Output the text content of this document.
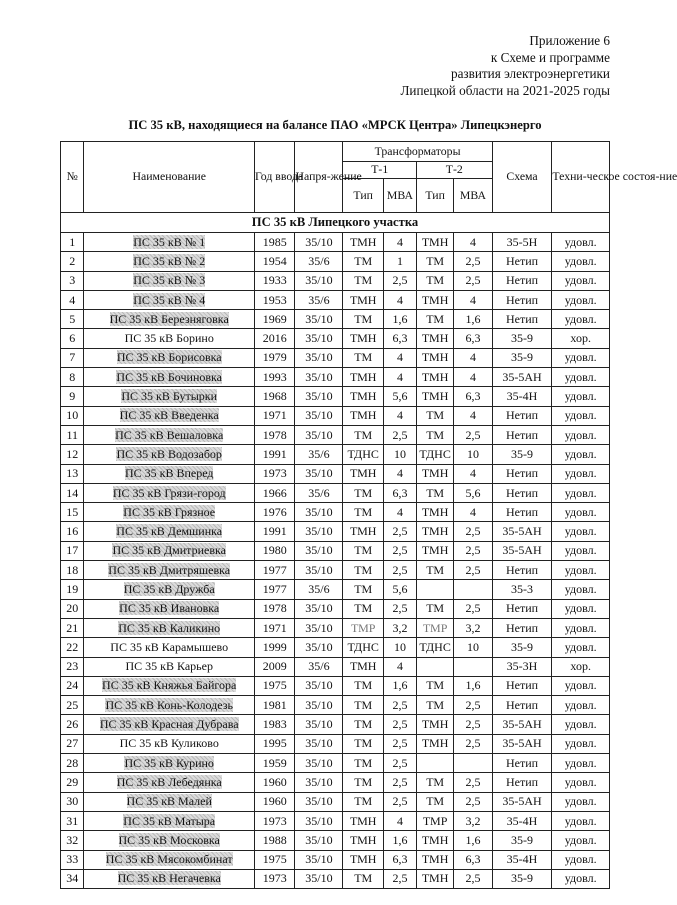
Приложение 6
к Схеме и программе
развития электроэнергетики
Липецкой области на 2021-2025 годы
ПС 35 кВ, находящиеся на балансе ПАО «МРСК Центра» Липецкэнерго
№	Наименование	Год ввода	Напря-жение	Трансформаторы				Схема	Техни-ческое состоя-ние
				Т-1		Т-2			
				Тип	МВА	Тип	МВА		
ПС 35 кВ Липецкого участка									
1	ПС 35 кВ № 1	1985	35/10	ТМН	4	ТМН	4	35-5Н	удовл.
2	ПС 35 кВ № 2	1954	35/6	ТМ	1	ТМ	2,5	Нетип	удовл.
3	ПС 35 кВ № 3	1933	35/10	ТМ	2,5	ТМ	2,5	Нетип	удовл.
4	ПС 35 кВ № 4	1953	35/6	ТМН	4	ТМН	4	Нетип	удовл.
5	ПС 35 кВ Березняговка	1969	35/10	ТМ	1,6	ТМ	1,6	Нетип	удовл.
6	ПС 35 кВ Борино	2016	35/10	ТМН	6,3	ТМН	6,3	35-9	хор.
7	ПС 35 кВ Борисовка	1979	35/10	ТМ	4	ТМН	4	35-9	удовл.
8	ПС 35 кВ Бочиновка	1993	35/10	ТМН	4	ТМН	4	35-5АН	удовл.
9	ПС 35 кВ Бутырки	1968	35/10	ТМН	5,6	ТМН	6,3	35-4Н	удовл.
10	ПС 35 кВ Введенка	1971	35/10	ТМН	4	ТМ	4	Нетип	удовл.
11	ПС 35 кВ Вешаловка	1978	35/10	ТМ	2,5	ТМ	2,5	Нетип	удовл.
12	ПС 35 кВ Водозабор	1991	35/6	ТДНС	10	ТДНС	10	35-9	удовл.
13	ПС 35 кВ Вперед	1973	35/10	ТМН	4	ТМН	4	Нетип	удовл.
14	ПС 35 кВ Грязи-город	1966	35/6	ТМ	6,3	ТМ	5,6	Нетип	удовл.
15	ПС 35 кВ Грязное	1976	35/10	ТМ	4	ТМН	4	Нетип	удовл.
16	ПС 35 кВ Демшинка	1991	35/10	ТМН	2,5	ТМН	2,5	35-5АН	удовл.
17	ПС 35 кВ Дмитриевка	1980	35/10	ТМ	2,5	ТМН	2,5	35-5АН	удовл.
18	ПС 35 кВ Дмитряшевка	1977	35/10	ТМ	2,5	ТМ	2,5	Нетип	удовл.
19	ПС 35 кВ Дружба	1977	35/6	ТМ	5,6			35-3	удовл.
20	ПС 35 кВ Ивановка	1978	35/10	ТМ	2,5	ТМ	2,5	Нетип	удовл.
21	ПС 35 кВ Каликино	1971	35/10	ТМР	3,2	ТМР	3,2	Нетип	удовл.
22	ПС 35 кВ Карамышево	1999	35/10	ТДНС	10	ТДНС	10	35-9	удовл.
23	ПС 35 кВ Карьер	2009	35/6	ТМН	4			35-3Н	хор.
24	ПС 35 кВ Княжья Байгора	1975	35/10	ТМ	1,6	ТМ	1,6	Нетип	удовл.
25	ПС 35 кВ Конь-Колодезь	1981	35/10	ТМ	2,5	ТМ	2,5	Нетип	удовл.
26	ПС 35 кВ Красная Дубрава	1983	35/10	ТМ	2,5	ТМН	2,5	35-5АН	удовл.
27	ПС 35 кВ Куликово	1995	35/10	ТМ	2,5	ТМН	2,5	35-5АН	удовл.
28	ПС 35 кВ Курино	1959	35/10	ТМ	2,5			Нетип	удовл.
29	ПС 35 кВ Лебедянка	1960	35/10	ТМ	2,5	ТМ	2,5	Нетип	удовл.
30	ПС 35 кВ Малей	1960	35/10	ТМ	2,5	ТМ	2,5	35-5АН	удовл.
31	ПС 35 кВ Матыра	1973	35/10	ТМН	4	ТМР	3,2	35-4Н	удовл.
32	ПС 35 кВ Московка	1988	35/10	ТМН	1,6	ТМН	1,6	35-9	удовл.
33	ПС 35 кВ Мясокомбинат	1975	35/10	ТМН	6,3	ТМН	6,3	35-4Н	удовл.
34	ПС 35 кВ Негачевка	1973	35/10	ТМ	2,5	ТМН	2,5	35-9	удовл.
